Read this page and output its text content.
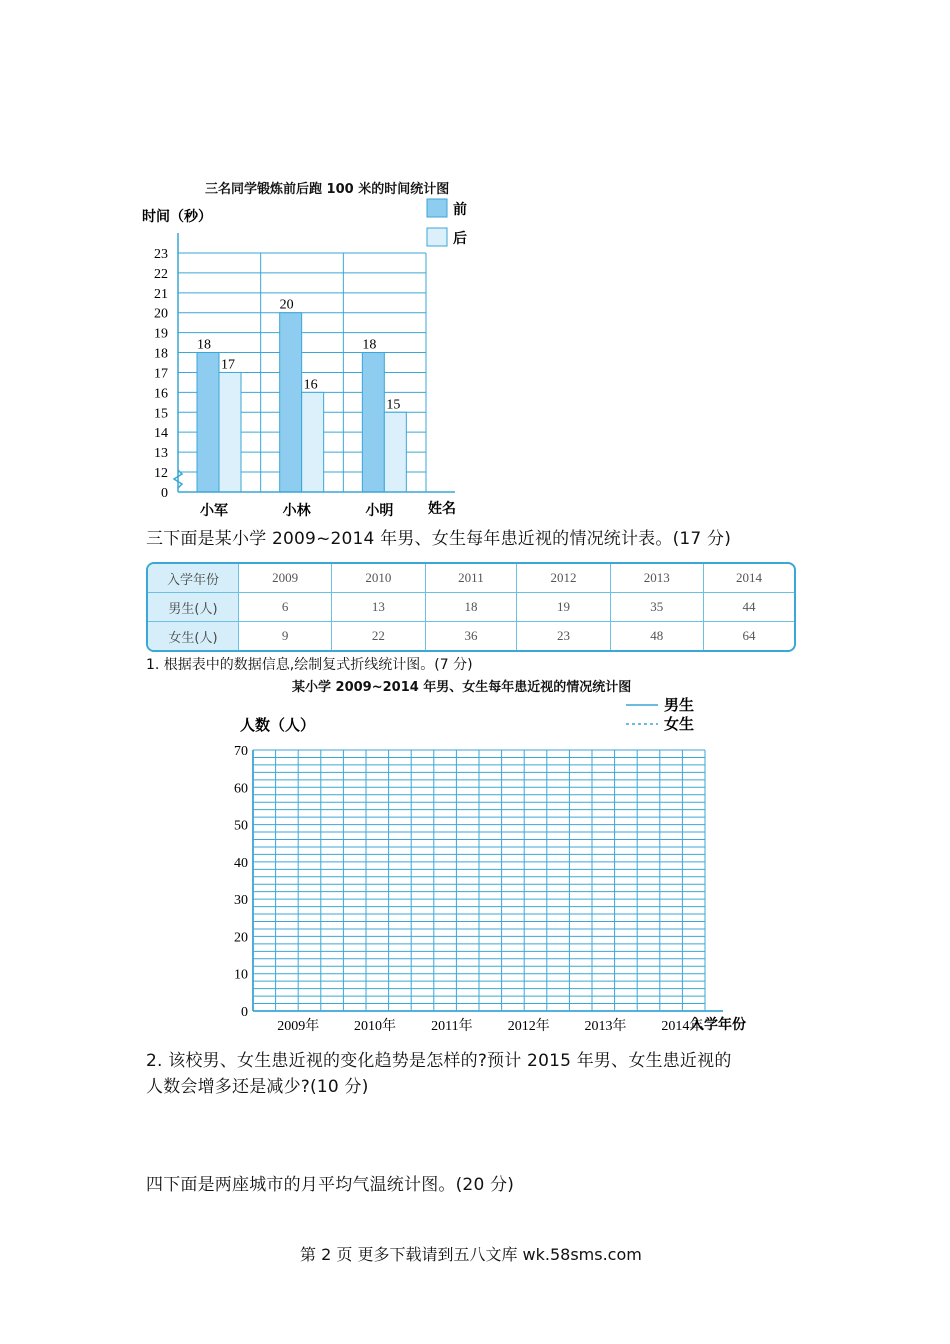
三名同学锻炼前后跑 100 米的时间统计图
时间（秒）	前
后
18
17
20
16
18
15
0
12
13
14
15
16
17
18
19
20
21
22
23
小军	小林	小明 姓名
三下面是某小学 2009~2014 年男、女生每年患近视的情况统计表。(17 分)
入学年份	2009	2010	2011	2012	2013	2014
男生(人)	6	13	18	19	35	44
女生(人)	9	22	36	23	48	64
1. 根据表中的数据信息,绘制复式折线统计图。(7 分)
某小学 2009~2014 年男、女生每年患近视的情况统计图
男生
女生
人数（人）
0
10
20
30
40
50
60
70
2009年 2010年	2011年	2012年 2013年 2014年
入学年份
2. 该校男、女生患近视的变化趋势是怎样的?预计 2015 年男、女生患近视的
人数会增多还是减少?(10 分)
四下面是两座城市的月平均气温统计图。(20 分)
第 2 页 更多下载请到五八文库 wk.58sms.com
